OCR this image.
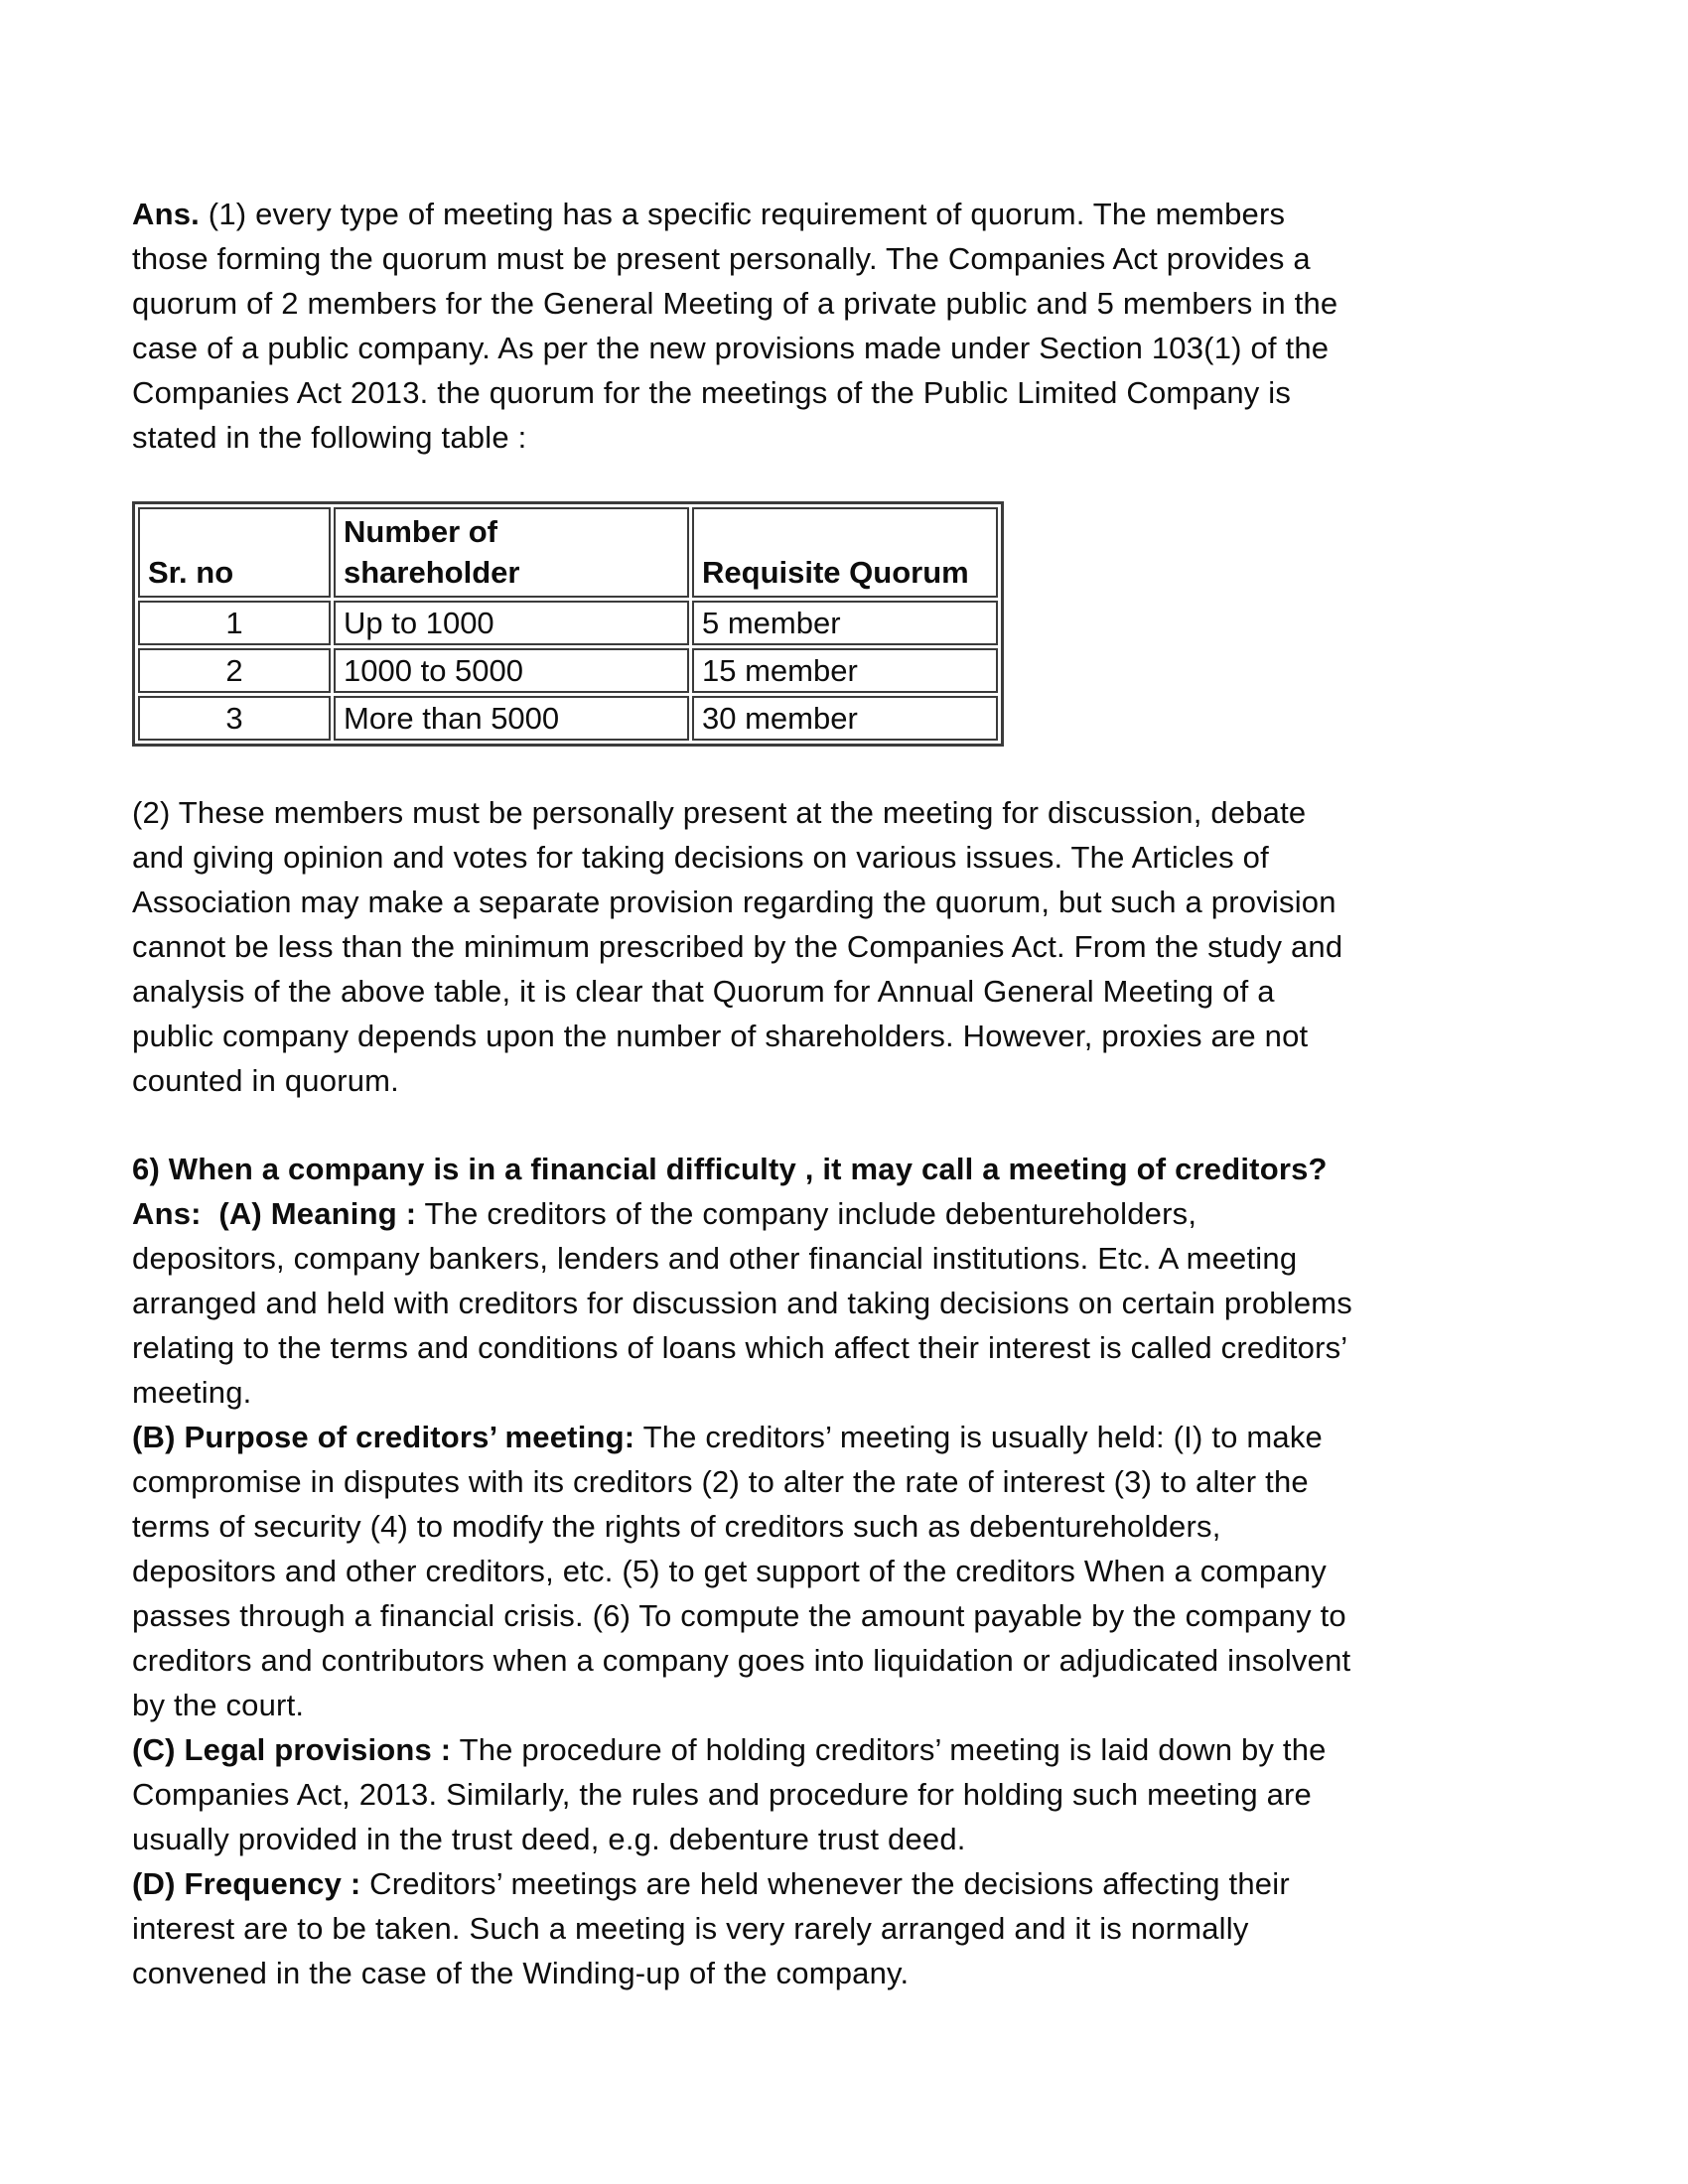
Ans. (1) every type of meeting has a specific requirement of quorum. The members
those forming the quorum must be present personally. The Companies Act provides a
quorum of 2 members for the General Meeting of a private public and 5 members in the
case of a public company. As per the new provisions made under Section 103(1) of the
Companies Act 2013. the quorum for the meetings of the Public Limited Company is
stated in the following table :
Sr. no	Number of shareholder	Requisite Quorum
1	Up to 1000	5 member
2	1000 to 5000	15 member
3	More than 5000	30 member
(2) These members must be personally present at the meeting for discussion, debate
and giving opinion and votes for taking decisions on various issues. The Articles of
Association may make a separate provision regarding the quorum, but such a provision
cannot be less than the minimum prescribed by the Companies Act. From the study and
analysis of the above table, it is clear that Quorum for Annual General Meeting of a
public company depends upon the number of shareholders. However, proxies are not
counted in quorum.
6) When a company is in a financial difficulty , it may call a meeting of creditors?
Ans:  (A) Meaning : The creditors of the company include debentureholders,
depositors, company bankers, lenders and other financial institutions. Etc. A meeting
arranged and held with creditors for discussion and taking decisions on certain problems
relating to the terms and conditions of loans which affect their interest is called creditors’
meeting.
(B) Purpose of creditors’ meeting: The creditors’ meeting is usually held: (I) to make
compromise in disputes with its creditors (2) to alter the rate of interest (3) to alter the
terms of security (4) to modify the rights of creditors such as debentureholders,
depositors and other creditors, etc. (5) to get support of the creditors When a company
passes through a financial crisis. (6) To compute the amount payable by the company to
creditors and contributors when a company goes into liquidation or adjudicated insolvent
by the court.
(C) Legal provisions : The procedure of holding creditors’ meeting is laid down by the
Companies Act, 2013. Similarly, the rules and procedure for holding such meeting are
usually provided in the trust deed, e.g. debenture trust deed.
(D) Frequency : Creditors’ meetings are held whenever the decisions affecting their
interest are to be taken. Such a meeting is very rarely arranged and it is normally
convened in the case of the Winding-up of the company.
